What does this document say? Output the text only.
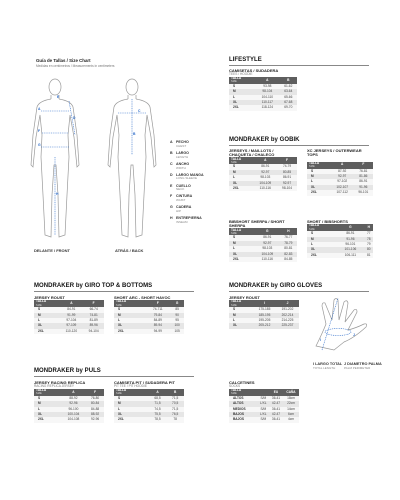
Guía de Tallas / Size Chart
Medidas en centímetros / Measurements in centimeters
A
F
G
H
D
E
DELANTE / FRONT
B
C
ATRÁS / BACK
A PECHO
CHEST
B LARGO
LENGTH
C ANCHO
WIDTH
D LARGO MANGA
LONG SLEEVE
E CUELLO
NECK
F CINTURA
WAIST
G CADERA
HIP
H ENTREPIERNA
INSEAM
LIFESTYLE
CAMISETAS / SUDADERA
TEES / HOODIE
TALLA
SIZE	A	B
S	93-98	61-62
M	98-104	63-64
L	104-110	65-66
XL	110-117	67-68
2XL	118-124	69-70
MONDRAKER by GOBIK
JERSEYS / MAILLOTS /
CHAQUETA / CHALECO
TALLA
SIZE	A	F
S	86-91	74-79
M	92-97	80-85
L	98-103	86-91
XL	104-109	92-97
2XL	110-116	98-104
XC JERSEYS / OUTERWEAR TOPS

TALLA
SIZE	A	F
S	87-92	76-81
M	92-97	81-86
L	97-102	86-91
XL	102-107	91-96
2XL	107-112	96-101
BIBSHORT SHERPA / SHORT SHERPA
TALLA
SIZE	G	H
S	86-91	76-77
M	92-97	78-79
L	98-103	80-81
XL	104-109	82-83
2XL	110-116	84-85
SHORT / BIBSHORTS
TALLA
SIZE	G	H
S	86-91	77
M	91-96	78
L	96-101	79
XL	101-106	80
2XL	106-111	81
MONDRAKER by GIRO TOP & BOTTOMS
JERSEY ROUST
TALLA
SIZE	A	F
S	84-91	66-74
M	91-99	74-81
L	97-104	81-89
XL	97-109	89-96
2XL	110-120	94-104
SHORT ARC - SHORT HAVOC
TALLA
SIZE	F	G
S	74-711	85
M	79-84	90
L	84-89	95
XL	89-94	100
2XL	94-99	105
MONDRAKER by GIRO GLOVES
JERSEY ROUST
TALLA
SIZE	I	J
S	175-185	191-202
M	185-195	202-214
L	195-205	214-225
XL	205-212	225-237
I
J
I LARGO TOTAL
TOTAL LENGTH
J DIAMETRO PALMA
PALM PERIMETER
MONDRAKER by PULS
JERSEY RACING REPLICA
RACING REPLICA JERSEY
TALLA
SIZE	A	F
S	88-92	76-80
M	92-96	80-84
L	96-100	84-88
XL	100-104	88-92
2XL	104-108	92-96
CAMISETA PIT / SUDADERA PIT
PIT TEE / PIT HOODIE
TALLA
SIZE	A	B
S	68,5	71,5
M	71,5	70,5
L	74,5	71,5
XL	75,5	76,5
2XL	78,5	78
CALCETINES
SOCKS
TALLA
SIZE		EU	CAÑA
ALTOS	S/M	36-41	18cm
ALTOS	L/XL	42-47	22cm
MEDIOS	S/M	36-41	14cm
BAJOS	L/XL	42-47	6cm
BAJOS	S/M	36-41	4cm
